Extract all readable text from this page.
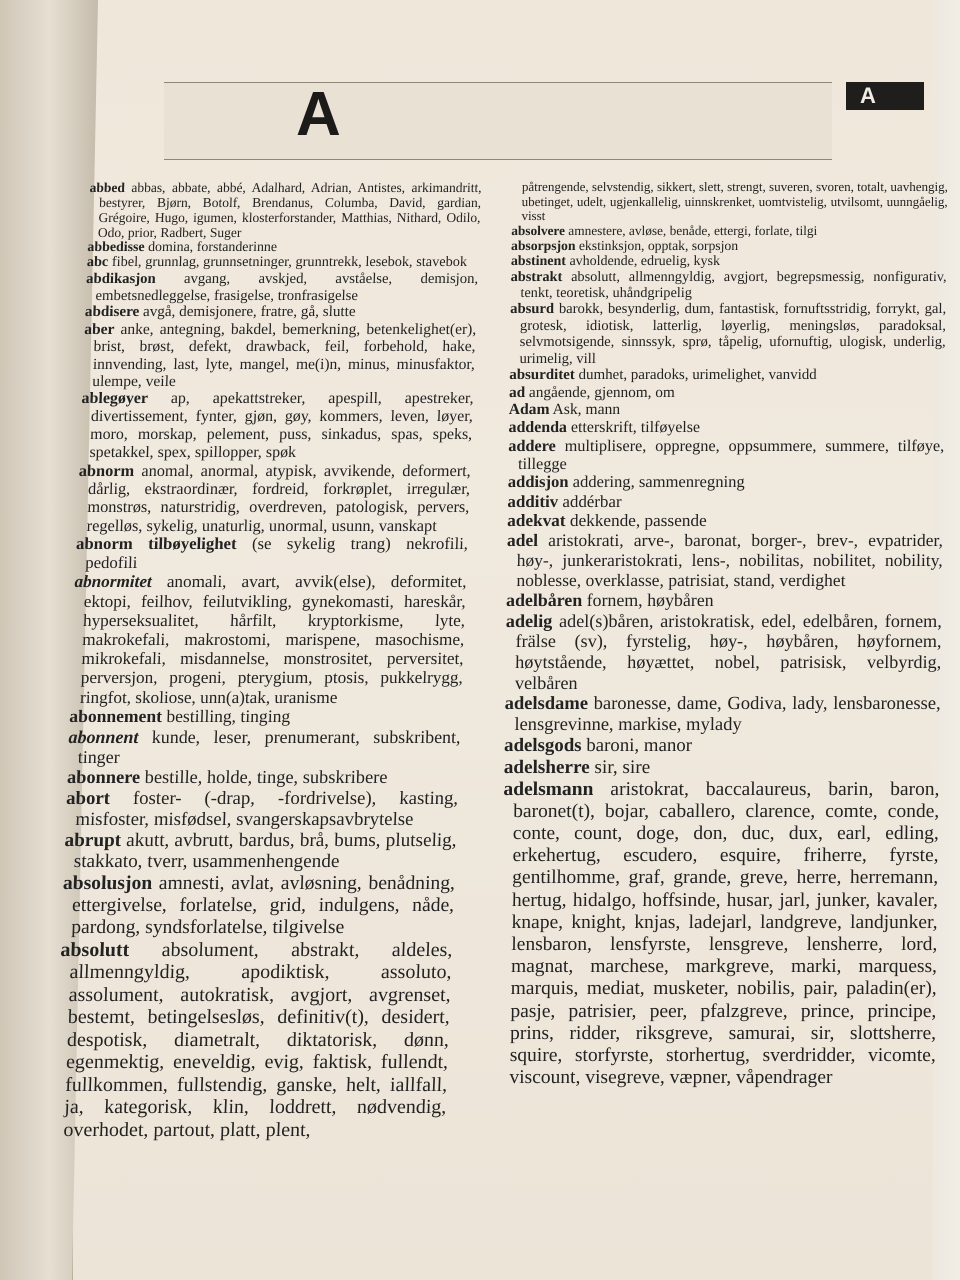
A	A

abbed abbas, abbate, abbé, Adalhard, Adrian, Antistes, arkimandritt, bestyrer, Bjørn, Botolf, Brendanus, Columba, David, gardian, Grégoire, Hugo, igumen, klosterforstander, Matthias, Nithard, Odilo, Odo, prior, Radbert, Suger

abbedisse domina, forstanderinne

abc fibel, grunnlag, grunnsetninger, grunntrekk, lesebok, stavebok

abdikasjon avgang, avskjed, avståelse, demisjon, embetsnedleggelse, frasigelse, tronfrasigelse

abdisere avgå, demisjonere, fratre, gå, slutte

aber anke, antegning, bakdel, bemerkning, betenkelighet(er), brist, brøst, defekt, drawback, feil, forbehold, hake, innvending, last, lyte, mangel, me(i)n, minus, minusfaktor, ulempe, veile

ablegøyer ap, apekattstreker, apespill, apestreker, divertissement, fynter, gjøn, gøy, kommers, leven, løyer, moro, morskap, pelement, puss, sinkadus, spas, speks, spetakkel, spex, spillopper, spøk

abnorm anomal, anormal, atypisk, avvikende, deformert, dårlig, ekstraordinær, fordreid, forkrøplet, irregulær, monstrøs, naturstridig, overdreven, patologisk, pervers, regelløs, sykelig, unaturlig, unormal, usunn, vanskapt

abnorm tilbøyelighet (se sykelig trang) nekrofili, pedofili

abnormitet anomali, avart, avvik(else), deformitet, ektopi, feilhov, feilutvikling, gynekomasti, hareskår, hyperseksualitet, hårfilt, kryptorkisme, lyte, makrokefali, makrostomi, marispene, masochisme, mikrokefali, misdannelse, monstrositet, perversitet, perversjon, progeni, pterygium, ptosis, pukkelrygg, ringfot, skoliose, unn(a)tak, uranisme

abonnement bestilling, tinging

abonnent kunde, leser, prenumerant, subskribent, tinger

abonnere bestille, holde, tinge, subskribere

abort foster- (-drap, -fordrivelse), kasting, misfoster, misfødsel, svangerskapsavbrytelse

abrupt akutt, avbrutt, bardus, brå, bums, plutselig, stakkato, tverr, usammenhengende

absolusjon amnesti, avlat, avløsning, benådning, ettergivelse, forlatelse, grid, indulgens, nåde, pardong, syndsforlatelse, tilgivelse

absolutt absolument, abstrakt, aldeles, allmenngyldig, apodiktisk, assoluto, assolument, autokratisk, avgjort, avgrenset, bestemt, betingelsesløs, definitiv(t), desidert, despotisk, diametralt, diktatorisk, dønn, egenmektig, eneveldig, evig, faktisk, fullendt, fullkommen, fullstendig, ganske, helt, iallfall, ja, kategorisk, klin, loddrett, nødvendig, overhodet, partout, platt, plent,

påtrengende, selvstendig, sikkert, slett, strengt, suveren, svoren, totalt, uavhengig, ubetinget, udelt, ugjenkallelig, uinnskrenket, uomtvistelig, utvilsomt, uunngåelig, visst

absolvere amnestere, avløse, benåde, ettergi, forlate, tilgi

absorpsjon ekstinksjon, opptak, sorpsjon

abstinent avholdende, edruelig, kysk

abstrakt absolutt, allmenngyldig, avgjort, begrepsmessig, nonfigurativ, tenkt, teoretisk, uhåndgripelig

absurd barokk, besynderlig, dum, fantastisk, fornuftsstridig, forrykt, gal, grotesk, idiotisk, latterlig, løyerlig, meningsløs, paradoksal, selvmotsigende, sinnssyk, sprø, tåpelig, ufornuftig, ulogisk, underlig, urimelig, vill

absurditet dumhet, paradoks, urimelighet, vanvidd

ad angående, gjennom, om

Adam Ask, mann

addenda etterskrift, tilføyelse

addere multiplisere, oppregne, oppsummere, summere, tilføye, tillegge

addisjon addering, sammenregning

additiv addérbar

adekvat dekkende, passende

adel aristokrati, arve-, baronat, borger-, brev-, evpatrider, høy-, junkeraristokrati, lens-, nobilitas, nobilitet, nobility, noblesse, overklasse, patrisiat, stand, verdighet

adelbåren fornem, høybåren

adelig adel(s)båren, aristokratisk, edel, edelbåren, fornem, frälse (sv), fyrstelig, høy-, høybåren, høyfornem, høytstående, høyættet, nobel, patrisisk, velbyrdig, velbåren

adelsdame baronesse, dame, Godiva, lady, lensbaronesse, lensgrevinne, markise, mylady

adelsgods baroni, manor

adelsherre sir, sire

adelsmann aristokrat, baccalaureus, barin, baron, baronet(t), bojar, caballero, clarence, comte, conde, conte, count, doge, don, duc, dux, earl, edling, erkehertug, escudero, esquire, friherre, fyrste, gentilhomme, graf, grande, greve, herre, herremann, hertug, hidalgo, hoffsinde, husar, jarl, junker, kavaler, knape, knight, knjas, ladejarl, landgreve, landjunker, lensbaron, lensfyrste, lensgreve, lensherre, lord, magnat, marchese, markgreve, marki, marquess, marquis, mediat, musketer, nobilis, pair, paladin(er), pasje, patrisier, peer, pfalzgreve, prince, principe, prins, ridder, riksgreve, samurai, sir, slottsherre, squire, storfyrste, storhertug, sverdridder, vicomte, viscount, visegreve, væpner, våpendrager
